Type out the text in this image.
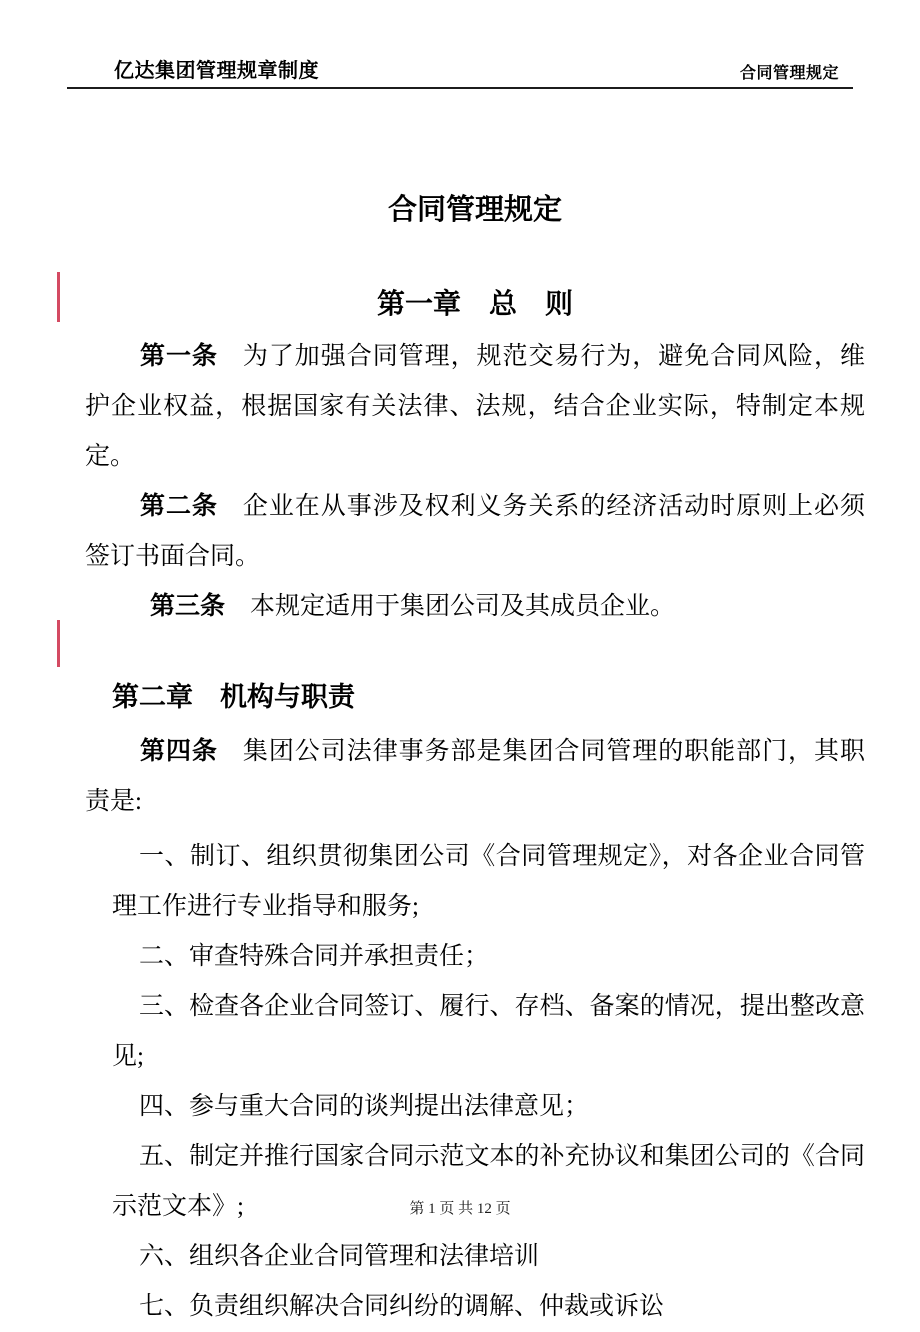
亿达集团管理规章制度	合同管理规定
合同管理规定
第一章　总　则

第一条 为了加强合同管理，规范交易行为，避免合同风险，维护企业权益，根据国家有关法律、法规，结合企业实际，特制定本规定。

第二条 企业在从事涉及权利义务关系的经济活动时原则上必须签订书面合同。

第三条 本规定适用于集团公司及其成员企业。

第二章　机构与职责

第四条 集团公司法律事务部是集团合同管理的职能部门，其职责是:

一、制订、组织贯彻集团公司《合同管理规定》，对各企业合同管理工作进行专业指导和服务;

二、审查特殊合同并承担责任；

三、检查各企业合同签订、履行、存档、备案的情况，提出整改意见;

四、参与重大合同的谈判提出法律意见；

五、制定并推行国家合同示范文本的补充协议和集团公司的《合同示范文本》;

六、组织各企业合同管理和法律培训

七、负责组织解决合同纠纷的调解、仲裁或诉讼

第 1 页 共 12 页
